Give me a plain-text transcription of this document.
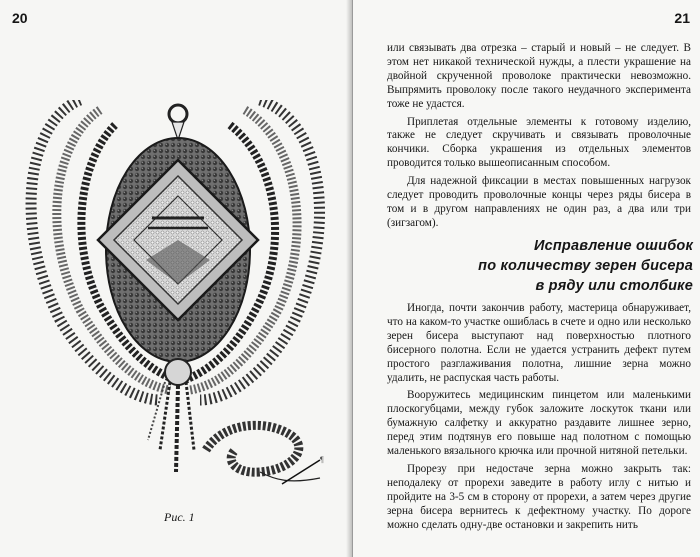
20
¶
Рис. 1
21

или связывать два отрезка – старый и новый – не следует. В этом нет никакой технической нужды, а плести украшение на двойной скрученной проволоке практически невозможно. Выпрямить проволоку после такого неудачного эксперимента тоже не удастся.

Приплетая отдельные элементы к готовому изделию, также не следует скручивать и связывать проволочные кончики. Сборка украшения из отдельных элементов проводится только вышеописанным способом.

Для надежной фиксации в местах повышенных нагрузок следует проводить проволочные концы через ряды бисера в том и в другом направлениях не один раз, а два или три (зигзагом).

Исправление ошибок
по количеству зерен бисера
в ряду или столбике

Иногда, почти закончив работу, мастерица обнаруживает, что на каком-то участке ошиблась в счете и одно или несколько зерен бисера выступают над поверхностью плотного бисерного полотна. Если не удается устранить дефект путем простого разглаживания полотна, лишние зерна можно удалить, не распуская часть работы.

Вооружитесь медицинским пинцетом или маленькими плоскогубцами, между губок заложите лоскуток ткани или бумажную салфетку и аккуратно раздавите лишнее зерно, перед этим подтянув его повыше над полотном с помощью маленького вязального крючка или прочной нитяной петельки.

Прорезу при недостаче зерна можно закрыть так: неподалеку от прорехи заведите в работу иглу с нитью и пройдите на 3-5 см в сторону от прорехи, а затем через другие зерна бисера вернитесь к дефектному участку. По дороге можно сделать одну-две остановки и закрепить нить
